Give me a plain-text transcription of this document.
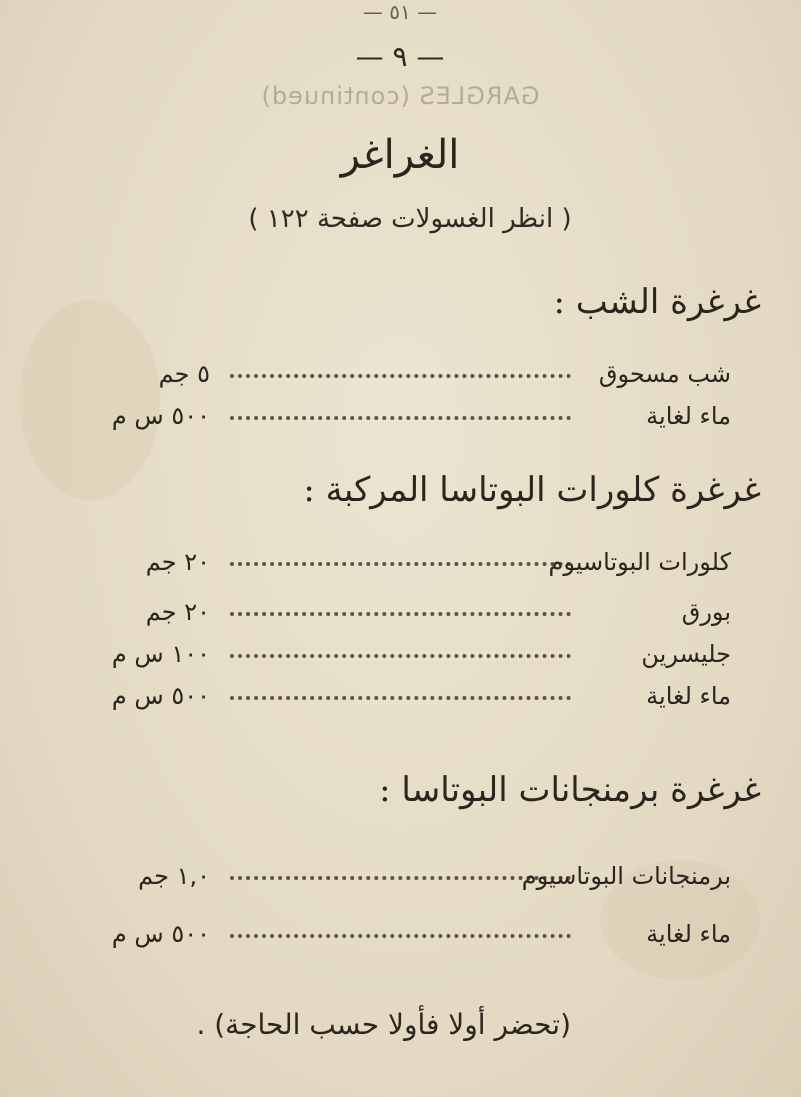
— ٥١ —
— ٩ —
GARGLES (continued)
الغراغر
( انظر الغسولات صفحة ١٢٢ )
غرغرة الشب :
شب مسحوق
٥ جم
ماء لغاية
٥٠٠ س م
غرغرة كلورات البوتاسا المركبة :
كلورات البوتاسيوم
٢٠ جم
بورق
٢٠ جم
جليسرين
١٠٠ س م
ماء لغاية
٥٠٠ س م
غرغرة برمنجانات البوتاسا :
برمنجانات البوتاسيوم
١,٠ جم
ماء لغاية
٥٠٠ س م
(تحضر أولا فأولا حسب الحاجة) .
